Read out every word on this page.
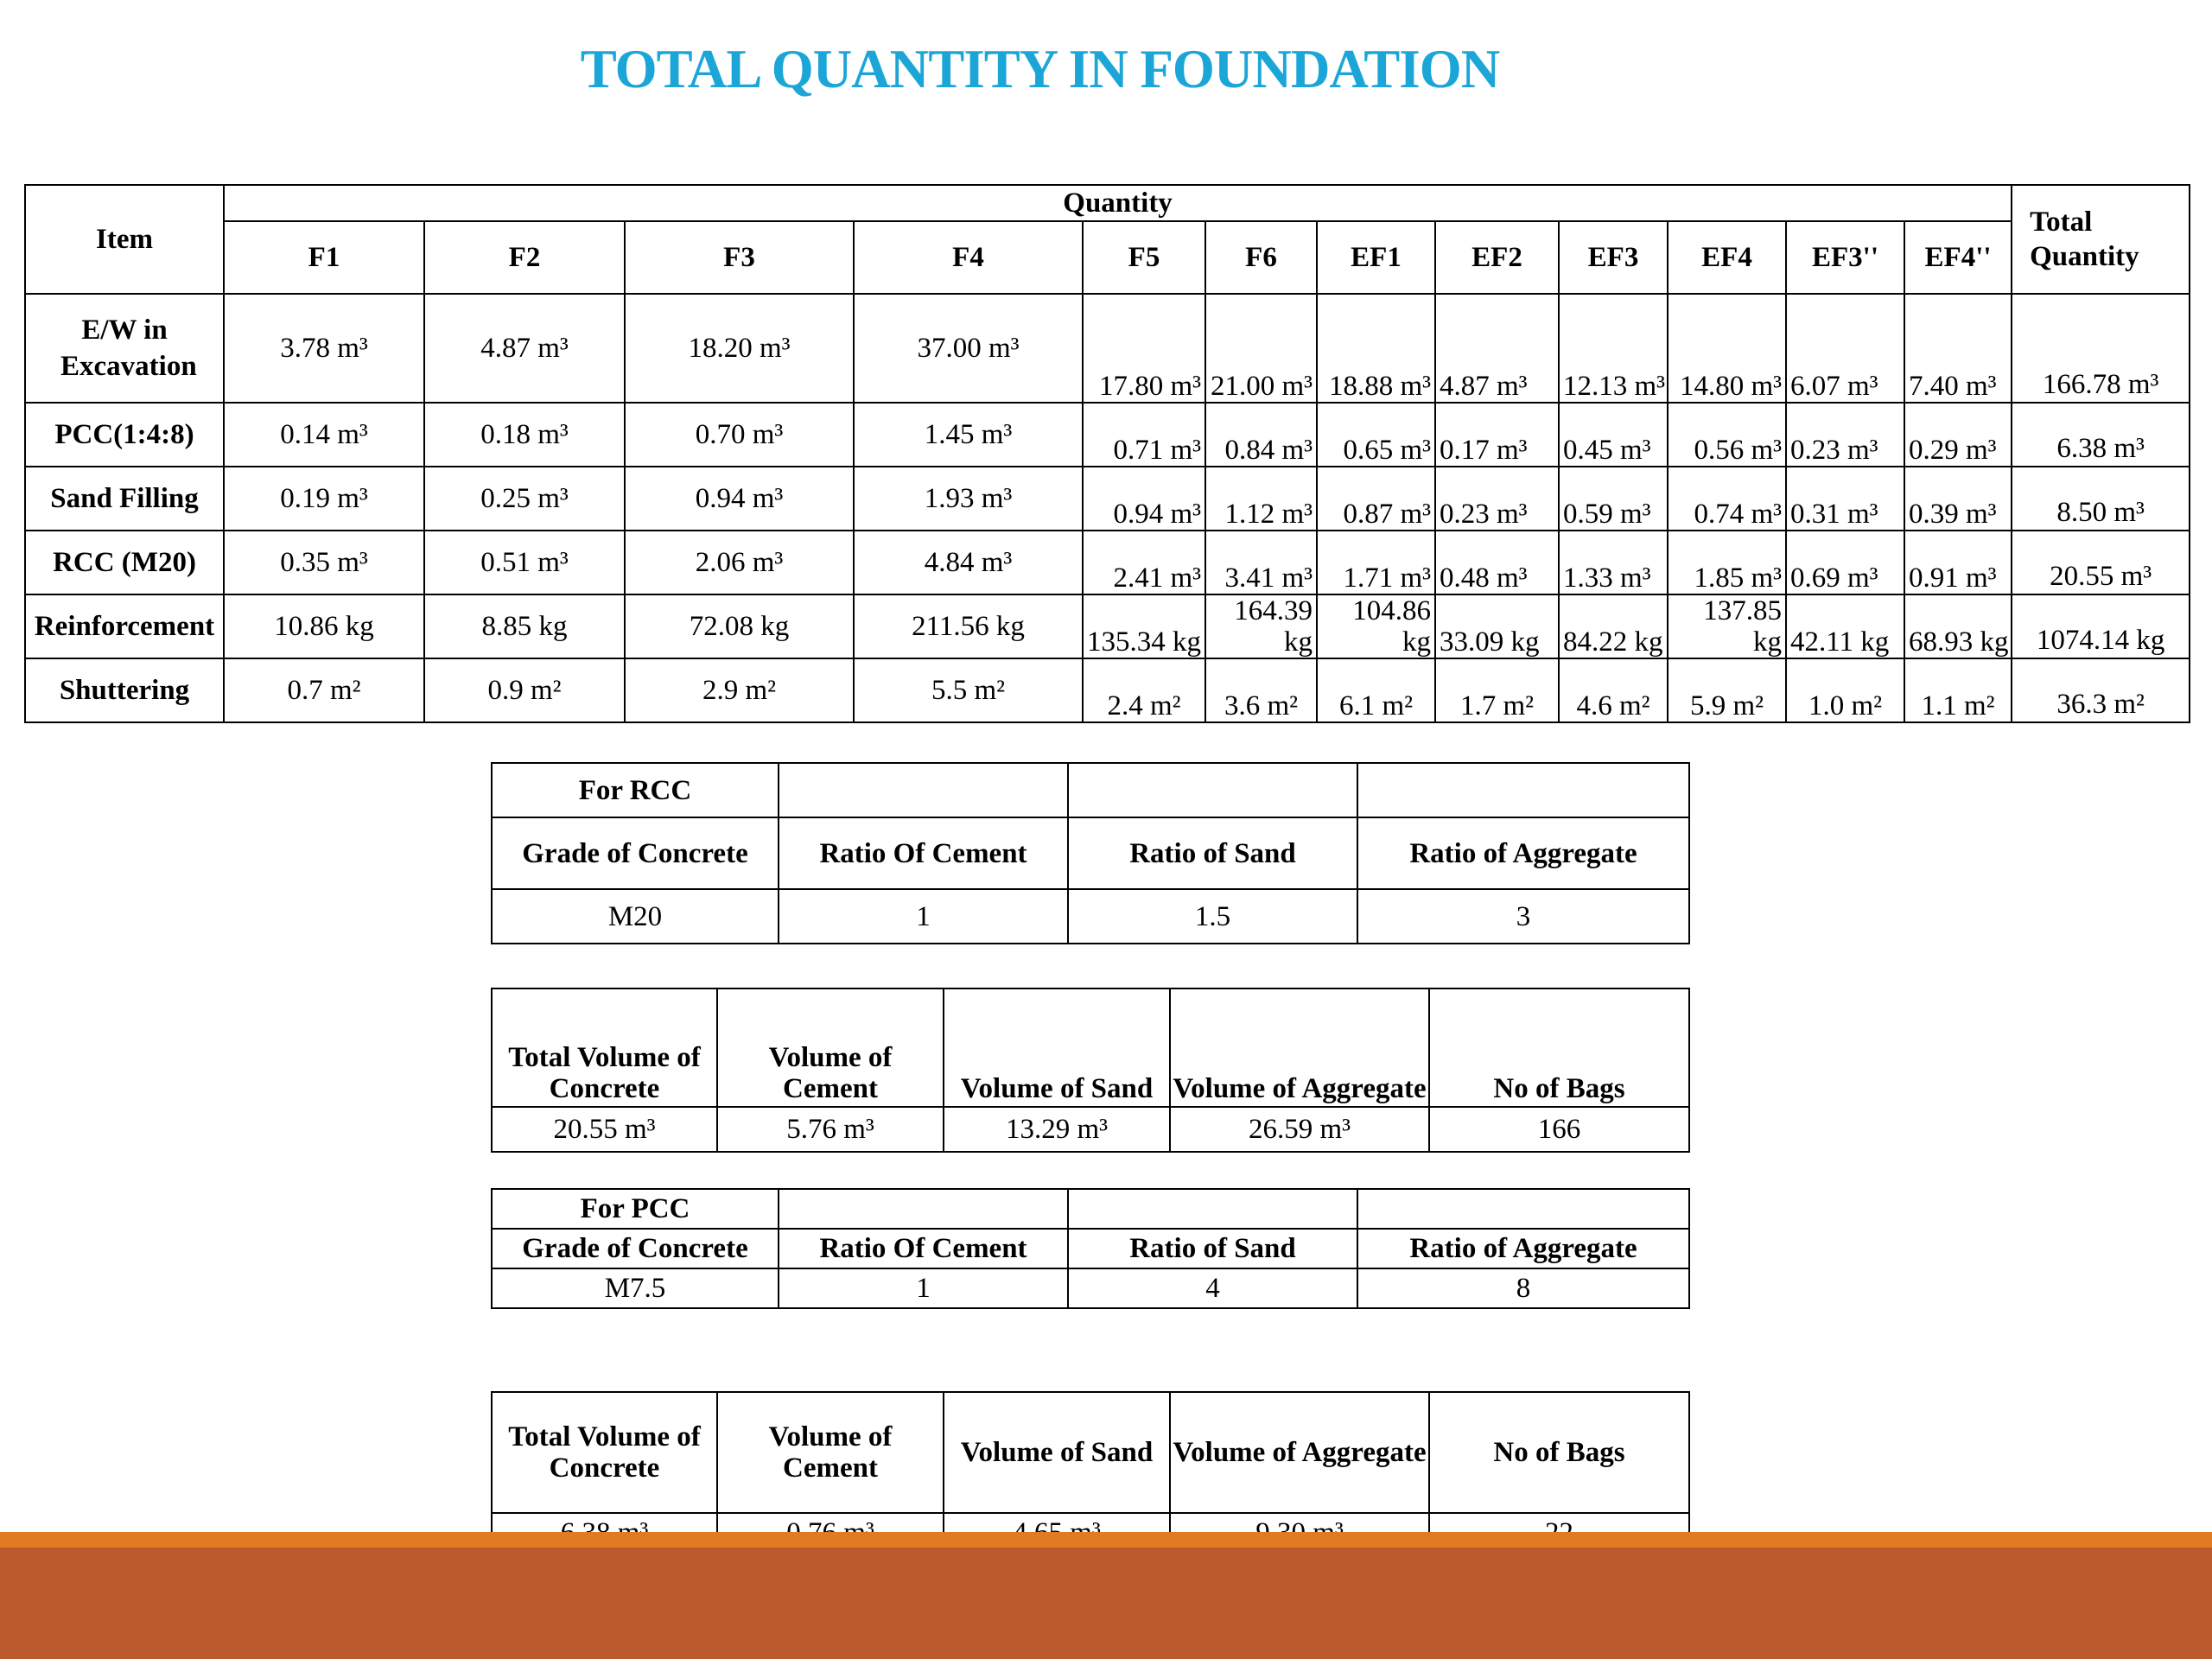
TOTAL QUANTITY IN FOUNDATION
Item	Quantity												Total Quantity
	F1	F2	F3	F4	F5	F6	EF1	EF2	EF3	EF4	EF3''	EF4''	
E/W in Excavation	3.78 m³	4.87 m³	18.20 m³	37.00 m³	17.80 m³	21.00 m³	18.88 m³	4.87 m³	12.13 m³	14.80 m³	6.07 m³	7.40 m³	166.78 m³
PCC(1:4:8)	0.14 m³	0.18 m³	0.70 m³	1.45 m³	0.71 m³	0.84 m³	0.65 m³	0.17 m³	0.45 m³	0.56 m³	0.23 m³	0.29 m³	6.38 m³
Sand Filling	0.19 m³	0.25 m³	0.94 m³	1.93 m³	0.94 m³	1.12 m³	0.87 m³	0.23 m³	0.59 m³	0.74 m³	0.31 m³	0.39 m³	8.50 m³
RCC (M20)	0.35 m³	0.51 m³	2.06 m³	4.84 m³	2.41 m³	3.41 m³	1.71 m³	0.48 m³	1.33 m³	1.85 m³	0.69 m³	0.91 m³	20.55 m³
Reinforcement	10.86 kg	8.85 kg	72.08 kg	211.56 kg	135.34 kg	164.39 kg	104.86 kg	33.09 kg	84.22 kg	137.85 kg	42.11 kg	68.93 kg	1074.14 kg
Shuttering	0.7 m²	0.9 m²	2.9 m²	5.5 m²	2.4 m²	3.6 m²	6.1 m²	1.7 m²	4.6 m²	5.9 m²	1.0 m²	1.1 m²	36.3 m²
For RCC			
Grade of Concrete	Ratio Of Cement	Ratio of Sand	Ratio of Aggregate
M20	1	1.5	3
Total Volume of Concrete	Volume of Cement	Volume of Sand	Volume of Aggregate	No of Bags
20.55 m³	5.76 m³	13.29 m³	26.59 m³	166
For PCC			
Grade of Concrete	Ratio Of Cement	Ratio of Sand	Ratio of Aggregate
M7.5	1	4	8
Total Volume of Concrete	Volume of Cement	Volume of Sand	Volume of Aggregate	No of Bags
